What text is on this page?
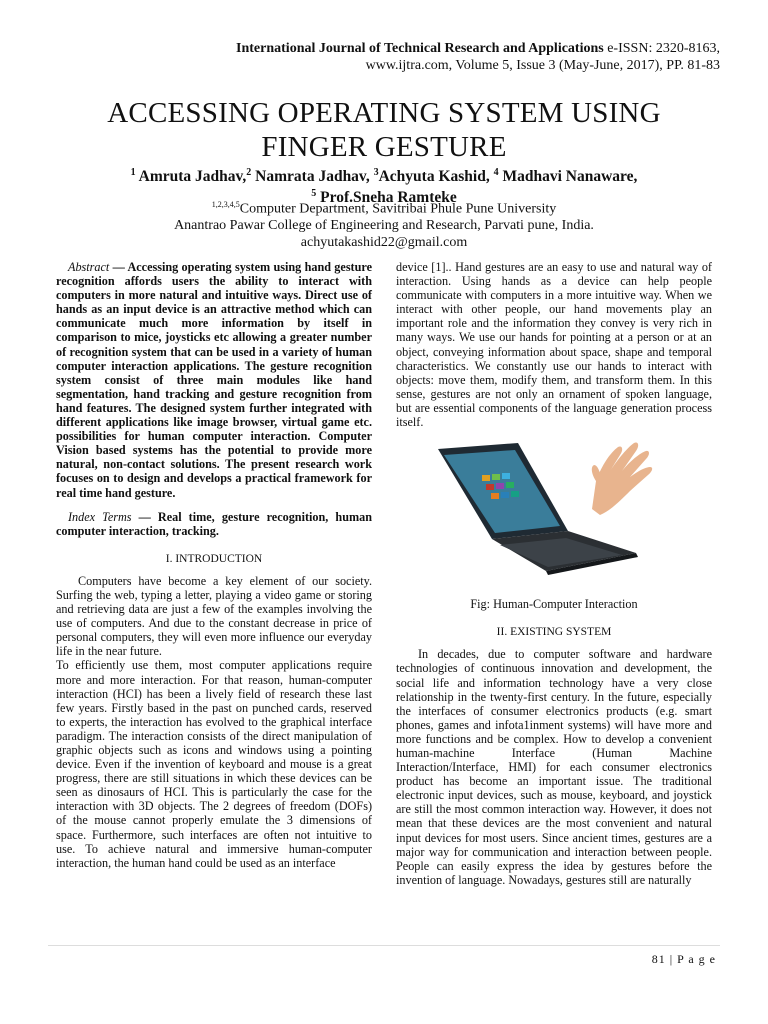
International Journal of Technical Research and Applications e-ISSN: 2320-8163,
www.ijtra.com, Volume 5, Issue 3 (May-June, 2017), PP. 81-83
ACCESSING OPERATING SYSTEM USING
FINGER GESTURE
$^1$ Amruta Jadhav,$^2$ Namrata Jadhav, $^3$Achyuta Kashid, $^4$ Madhavi Nanaware,
$^5$ Prof.Sneha Ramteke
$^{1,2,3,4,5}$Computer Department, Savitribai Phule Pune University
Anantrao Pawar College of Engineering and Research, Parvati pune, India.
achyutakashid22@gmail.com

Abstract — Accessing operating system using hand gesture recognition affords users the ability to interact with computers in more natural and intuitive ways. Direct use of hands as an input device is an attractive method which can communicate much more information by itself in comparison to mice, joysticks etc allowing a greater number of recognition system that can be used in a variety of human computer interaction applications. The gesture recognition system consist of three main modules like hand segmentation, hand tracking and gesture recognition from hand features. The designed system further integrated with different applications like image browser, virtual game etc. possibilities for human computer interaction. Computer Vision based systems has the potential to provide more natural, non-contact solutions. The present research work focuses on to design and develops a practical framework for real time hand gesture.

Index Terms — Real time, gesture recognition, human computer interaction, tracking.

I. INTRODUCTION

Computers have become a key element of our society. Surfing the web, typing a letter, playing a video game or storing and retrieving data are just a few of the examples involving the use of computers. And due to the constant decrease in price of personal computers, they will even more influence our everyday life in the near future.

To efficiently use them, most computer applications require more and more interaction. For that reason, human-computer interaction (HCI) has been a lively field of research these last few years. Firstly based in the past on punched cards, reserved to experts, the interaction has evolved to the graphical interface paradigm. The interaction consists of the direct manipulation of graphic objects such as icons and windows using a pointing device. Even if the invention of keyboard and mouse is a great progress, there are still situations in which these devices can be seen as dinosaurs of HCI. This is particularly the case for the interaction with 3D objects. The 2 degrees of freedom (DOFs) of the mouse cannot properly emulate the 3 dimensions of space. Furthermore, such interfaces are often not intuitive to use. To achieve natural and immersive human-computer interaction, the human hand could be used as an interface

device [1].. Hand gestures are an easy to use and natural way of interaction. Using hands as a device can help people communicate with computers in a more intuitive way. When we interact with other people, our hand movements play an important role and the information they convey is very rich in many ways. We use our hands for pointing at a person or at an object, conveying information about space, shape and temporal characteristics. We constantly use our hands to interact with objects: move them, modify them, and transform them. In this sense, gestures are not only an ornament of spoken language, but are essential components of the language generation process itself.

Fig: Human-Computer Interaction

II. EXISTING SYSTEM

In decades, due to computer software and hardware technologies of continuous innovation and development, the social life and information technology have a very close relationship in the twenty-first century. In the future, especially the interfaces of consumer electronics products (e.g. smart phones, games and infota1inment systems) will have more and more functions and be complex. How to develop a convenient human-machine Interface (Human Machine Interaction/Interface, HMI) for each consumer electronics product has become an important issue. The traditional electronic input devices, such as mouse, keyboard, and joystick are still the most common interaction way. However, it does not mean that these devices are the most convenient and natural input devices for most users. Since ancient times, gestures are a major way for communication and interaction between people. People can easily express the idea by gestures before the invention of language. Nowadays, gestures still are naturally

81 | P a g e
